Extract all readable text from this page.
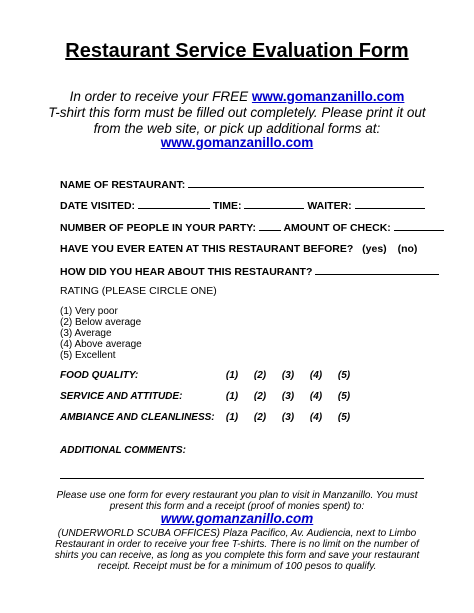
Restaurant Service Evaluation Form
In order to receive your FREE www.gomanzanillo.com
T-shirt this form must be filled out completely. Please print it out
from the web site, or pick up additional forms at:
www.gomanzanillo.com
NAME OF RESTAURANT:
DATE VISITED:	TIME:	WAITER:
NUMBER OF PEOPLE IN YOUR PARTY:	AMOUNT OF CHECK:
HAVE YOU EVER EATEN AT THIS RESTAURANT BEFORE? (yes) (no)
HOW DID YOU HEAR ABOUT THIS RESTAURANT?
RATING (PLEASE CIRCLE ONE)
(1) Very poor
(2) Below average
(3) Average
(4) Above average
(5) Excellent
FOOD QUALITY:	(1)	(2)	(3)	(4)	(5)
SERVICE AND ATTITUDE:	(1)	(2)	(3)	(4)	(5)
AMBIANCE AND CLEANLINESS:	(1)	(2)	(3)	(4)	(5)
ADDITIONAL COMMENTS:
Please use one form for every restaurant you plan to visit in Manzanillo. You must
present this form and a receipt (proof of monies spent) to:
www.gomanzanillo.com
(UNDERWORLD SCUBA OFFICES) Plaza Pacifico, Av. Audiencia, next to Limbo
Restaurant in order to receive your free T-shirts. There is no limit on the number of
shirts you can receive, as long as you complete this form and save your restaurant
receipt. Receipt must be for a minimum of 100 pesos to qualify.
